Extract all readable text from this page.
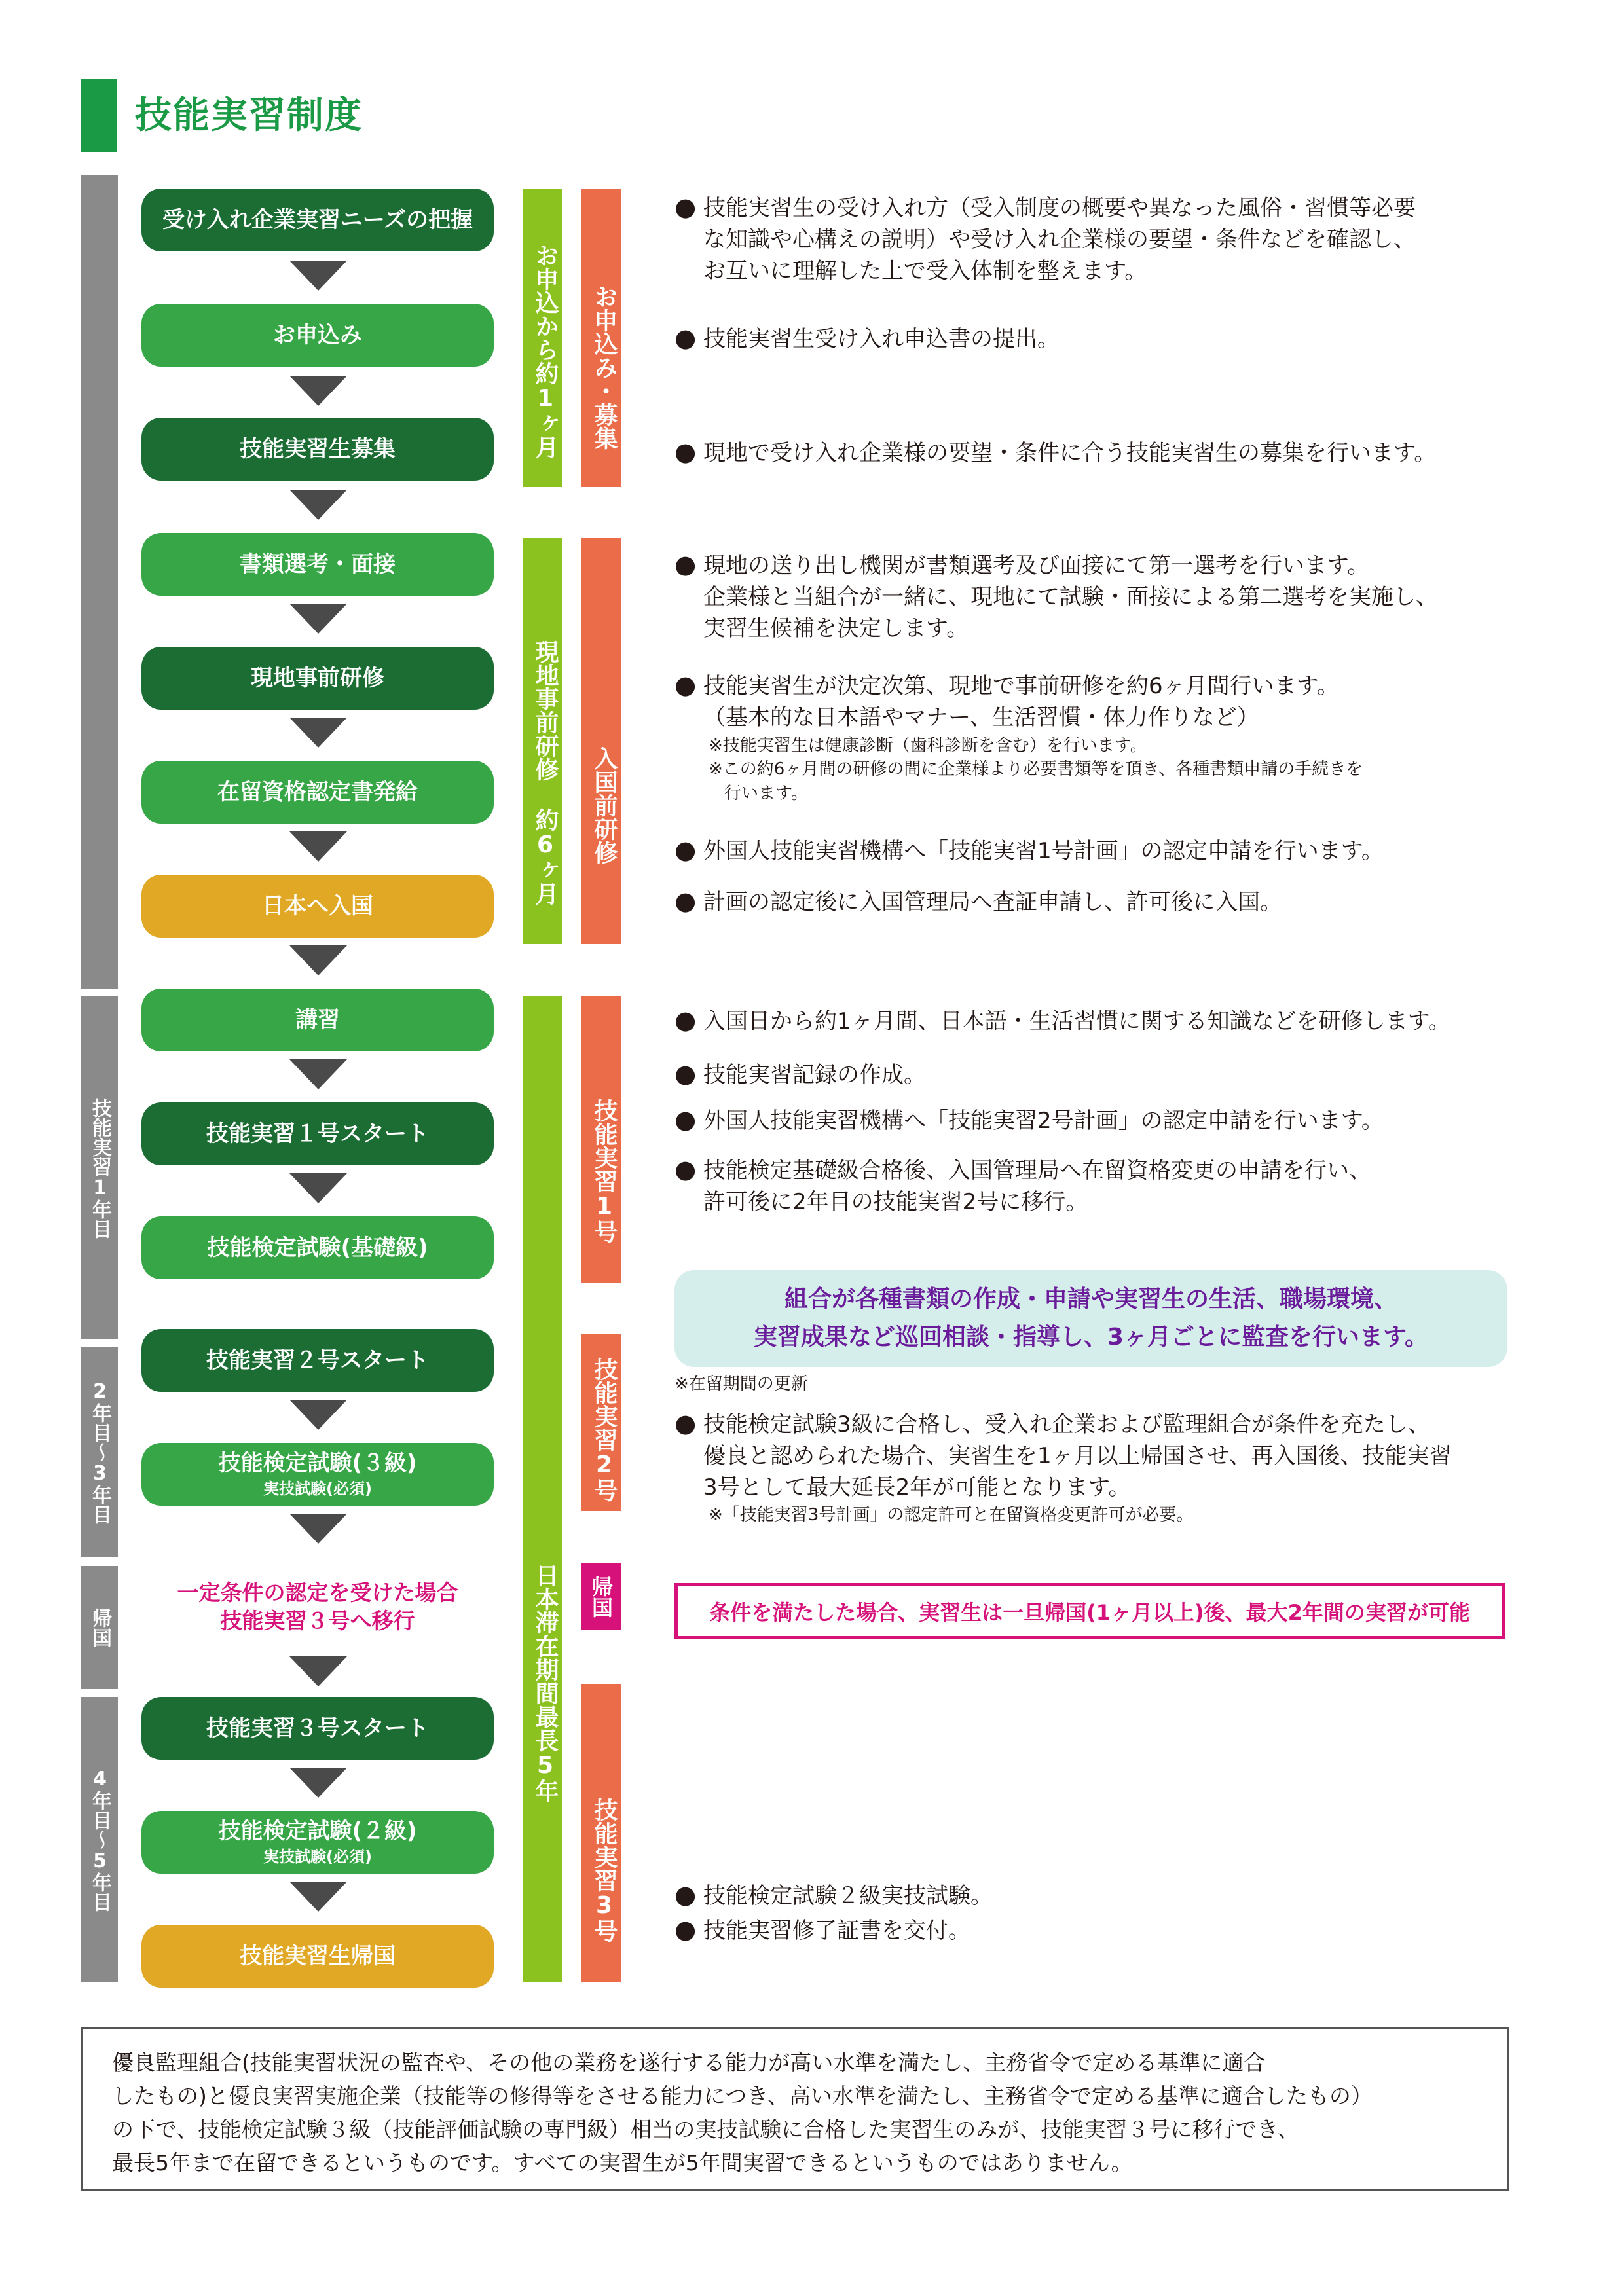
技能実習制度
技能実習1年目
2年目〜3年目
帰国
4年目〜5年目
お申込から約1ヶ月
現地事前研修 約6ヶ月
日本滞在期間最長5年
お申込み・募集
入国前研修
技能実習1号
技能実習2号
帰国
技能実習3号
受け入れ企業実習ニーズの把握
お申込み
技能実習生募集
書類選考・面接
現地事前研修
在留資格認定書発給
日本へ入国
講習
技能実習１号スタート
技能検定試験(基礎級)
技能実習２号スタート
技能検定試験(３級)
実技試験(必須)
一定条件の認定を受けた場合
技能実習３号へ移行
技能実習３号スタート
技能検定試験(２級)
実技試験(必須)
技能実習生帰国
● 技能実習生の受け入れ方（受入制度の概要や異なった風俗・習慣等必要
な知識や心構えの説明）や受け入れ企業様の要望・条件などを確認し、
お互いに理解した上で受入体制を整えます。
● 技能実習生受け入れ申込書の提出。
● 現地で受け入れ企業様の要望・条件に合う技能実習生の募集を行います。
● 現地の送り出し機関が書類選考及び面接にて第一選考を行います。
企業様と当組合が一緒に、現地にて試験・面接による第二選考を実施し、
実習生候補を決定します。
● 技能実習生が決定次第、現地で事前研修を約6ヶ月間行います。
（基本的な日本語やマナー、生活習慣・体力作りなど）
※技能実習生は健康診断（歯科診断を含む）を行います。
※この約6ヶ月間の研修の間に企業様より必要書類等を頂き、各種書類申請の手続きを
行います。
● 外国人技能実習機構へ「技能実習1号計画」の認定申請を行います。
● 計画の認定後に入国管理局へ査証申請し、許可後に入国。
● 入国日から約1ヶ月間、日本語・生活習慣に関する知識などを研修します。
● 技能実習記録の作成。
● 外国人技能実習機構へ「技能実習2号計画」の認定申請を行います。
● 技能検定基礎級合格後、入国管理局へ在留資格変更の申請を行い、
許可後に2年目の技能実習2号に移行。
組合が各種書類の作成・申請や実習生の生活、職場環境、
実習成果など巡回相談・指導し、3ヶ月ごとに監査を行います。
※在留期間の更新
● 技能検定試験3級に合格し、受入れ企業および監理組合が条件を充たし、
優良と認められた場合、実習生を1ヶ月以上帰国させ、再入国後、技能実習
3号として最大延長2年が可能となります。
※「技能実習3号計画」の認定許可と在留資格変更許可が必要。
条件を満たした場合、実習生は一旦帰国(1ヶ月以上)後、最大2年間の実習が可能
● 技能検定試験２級実技試験。
● 技能実習修了証書を交付。
優良監理組合(技能実習状況の監査や、その他の業務を遂行する能力が高い水準を満たし、主務省令で定める基準に適合
したもの)と優良実習実施企業（技能等の修得等をさせる能力につき、高い水準を満たし、主務省令で定める基準に適合したもの）
の下で、技能検定試験３級（技能評価試験の専門級）相当の実技試験に合格した実習生のみが、技能実習３号に移行でき、
最長5年まで在留できるというものです。すべての実習生が5年間実習できるというものではありません。
